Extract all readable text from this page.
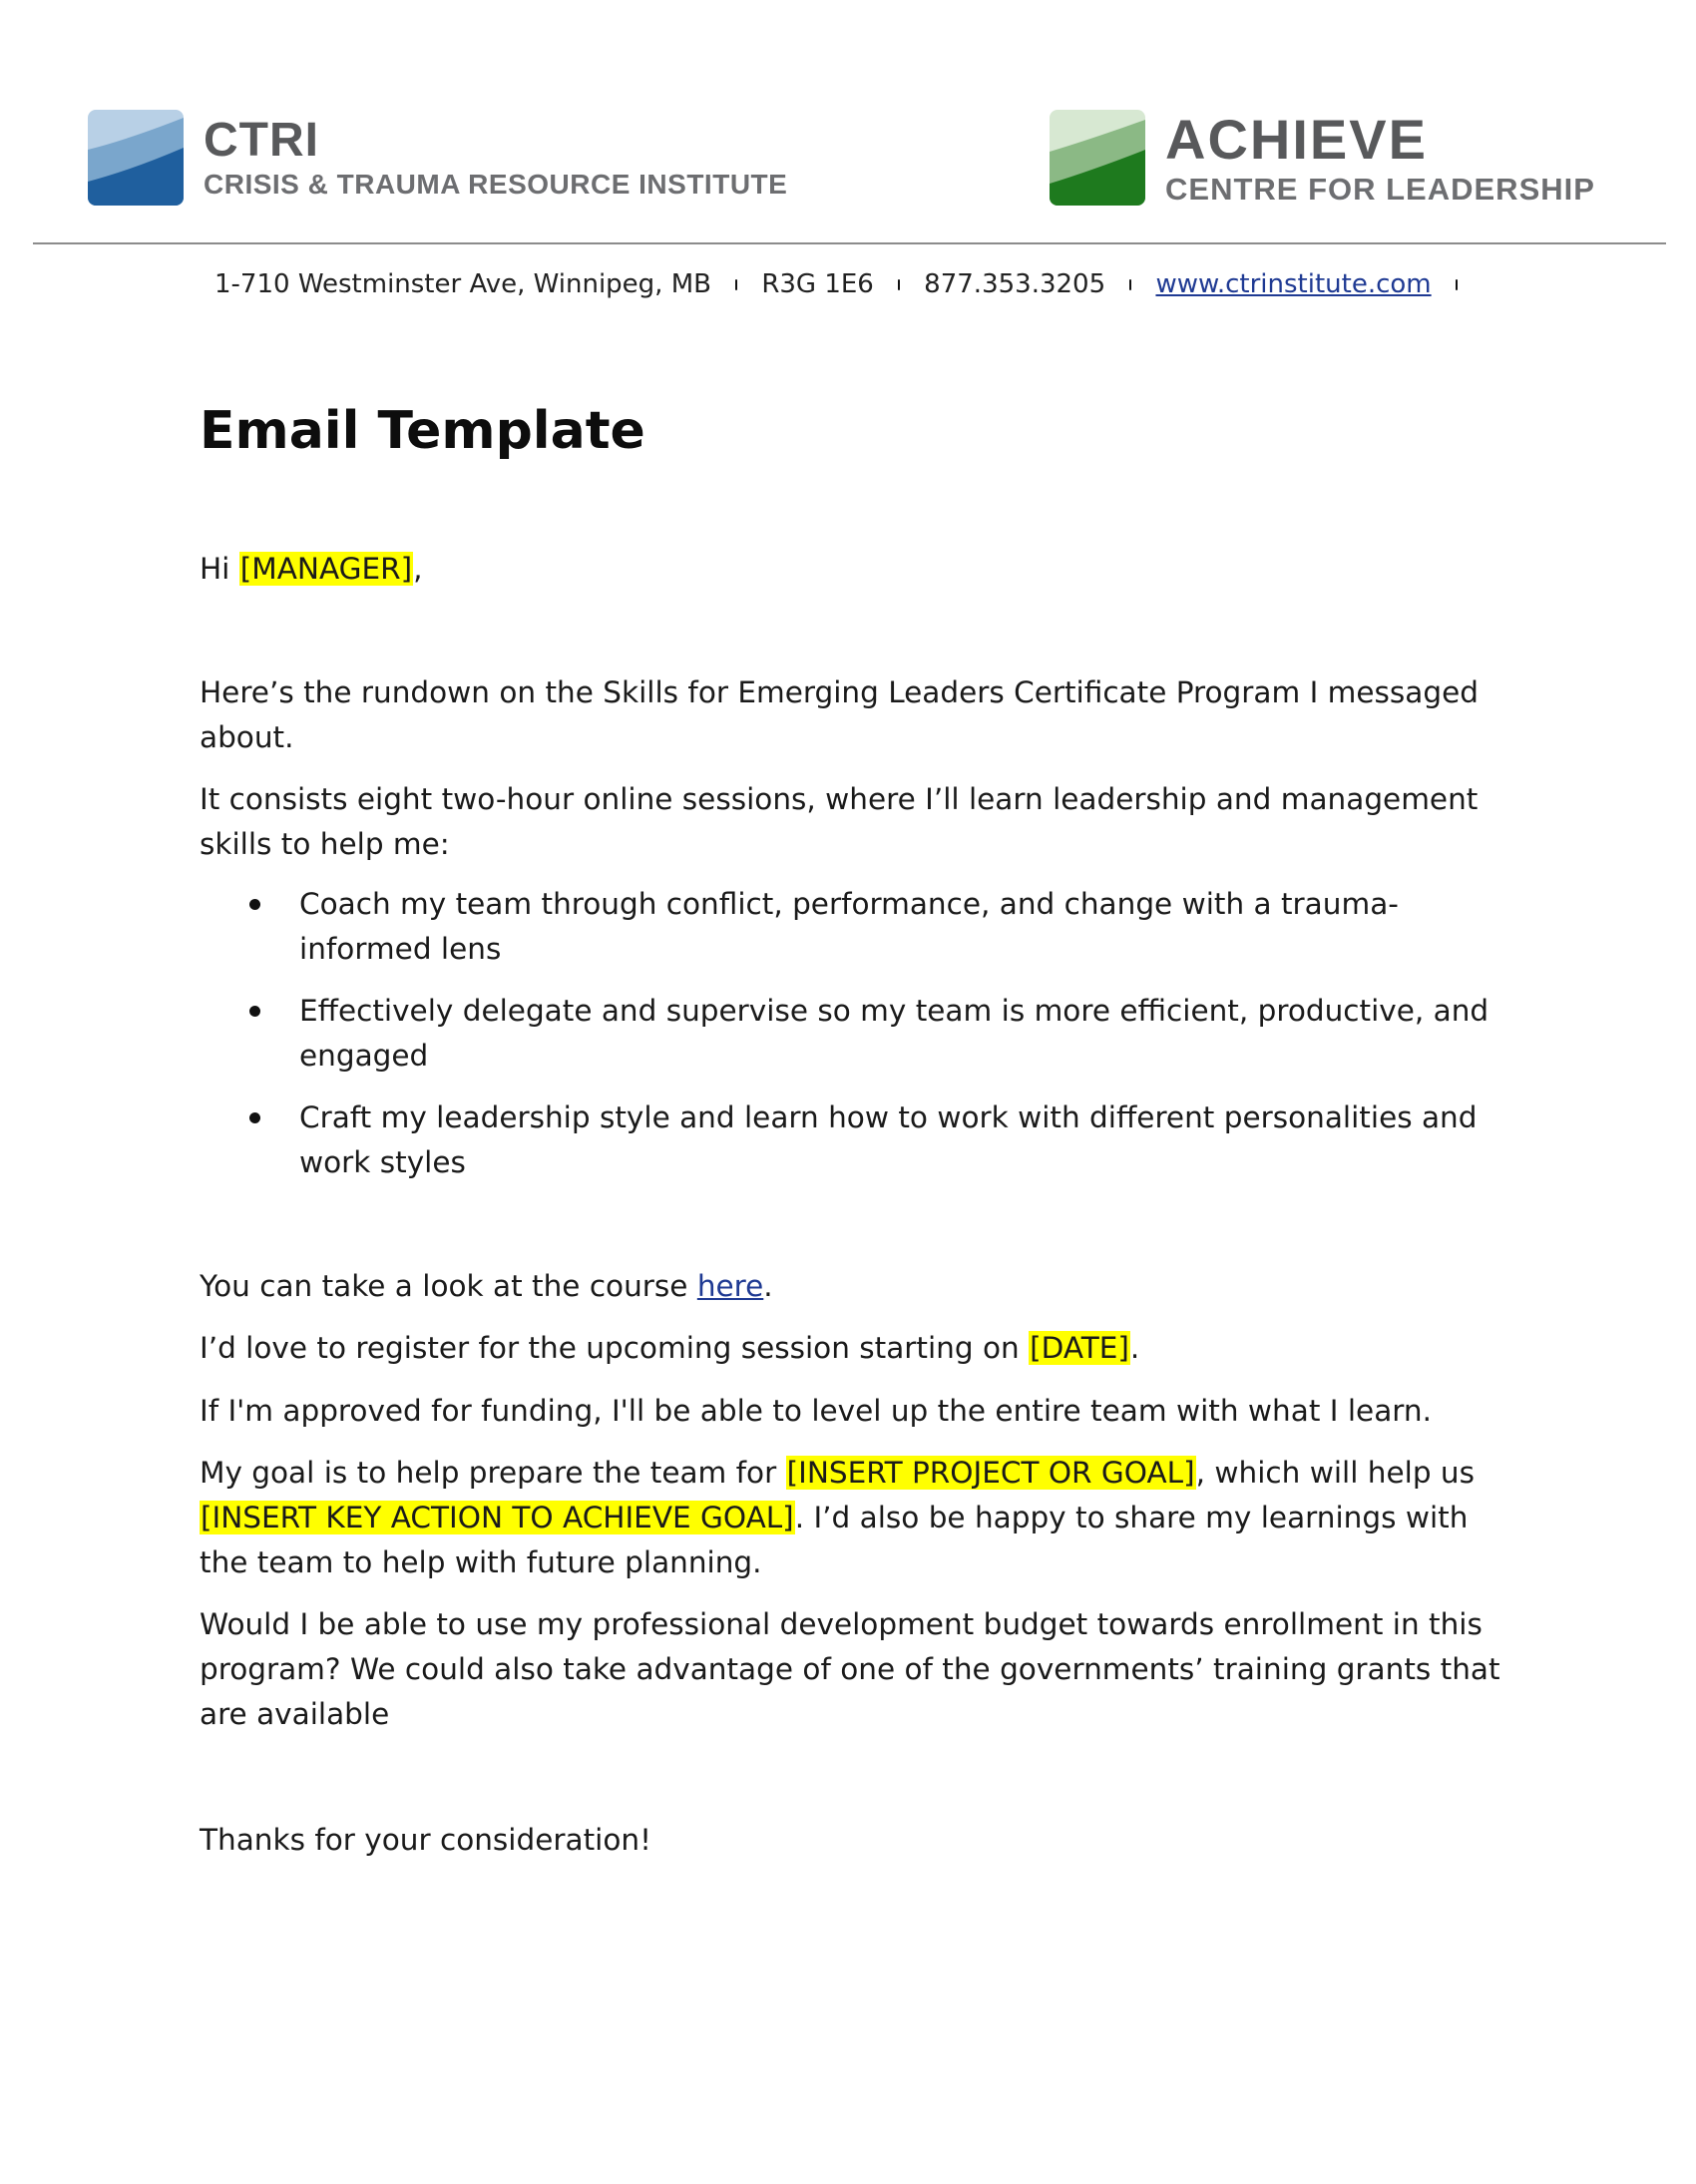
CTRI
CRISIS & TRAUMA RESOURCE INSTITUTE
ACHIEVE
CENTRE FOR LEADERSHIP
1-710 Westminster Ave, Winnipeg, MB R3G 1E6 877.353.3205 www.ctrinstitute.com
Email Template

Hi [MANAGER],

Here’s the rundown on the Skills for Emerging Leaders Certificate Program I messaged about.

It consists eight two-hour online sessions, where I’ll learn leadership and management skills to help me:

Coach my team through conflict, performance, and change with a trauma-informed lens
Effectively delegate and supervise so my team is more efficient, productive, and engaged
Craft my leadership style and learn how to work with different personalities and work styles

You can take a look at the course here.

I’d love to register for the upcoming session starting on [DATE].

If I'm approved for funding, I'll be able to level up the entire team with what I learn.

My goal is to help prepare the team for [INSERT PROJECT OR GOAL], which will help us [INSERT KEY ACTION TO ACHIEVE GOAL]. I’d also be happy to share my learnings with the team to help with future planning.

Would I be able to use my professional development budget towards enrollment in this program? We could also take advantage of one of the governments’ training grants that are available

Thanks for your consideration!
